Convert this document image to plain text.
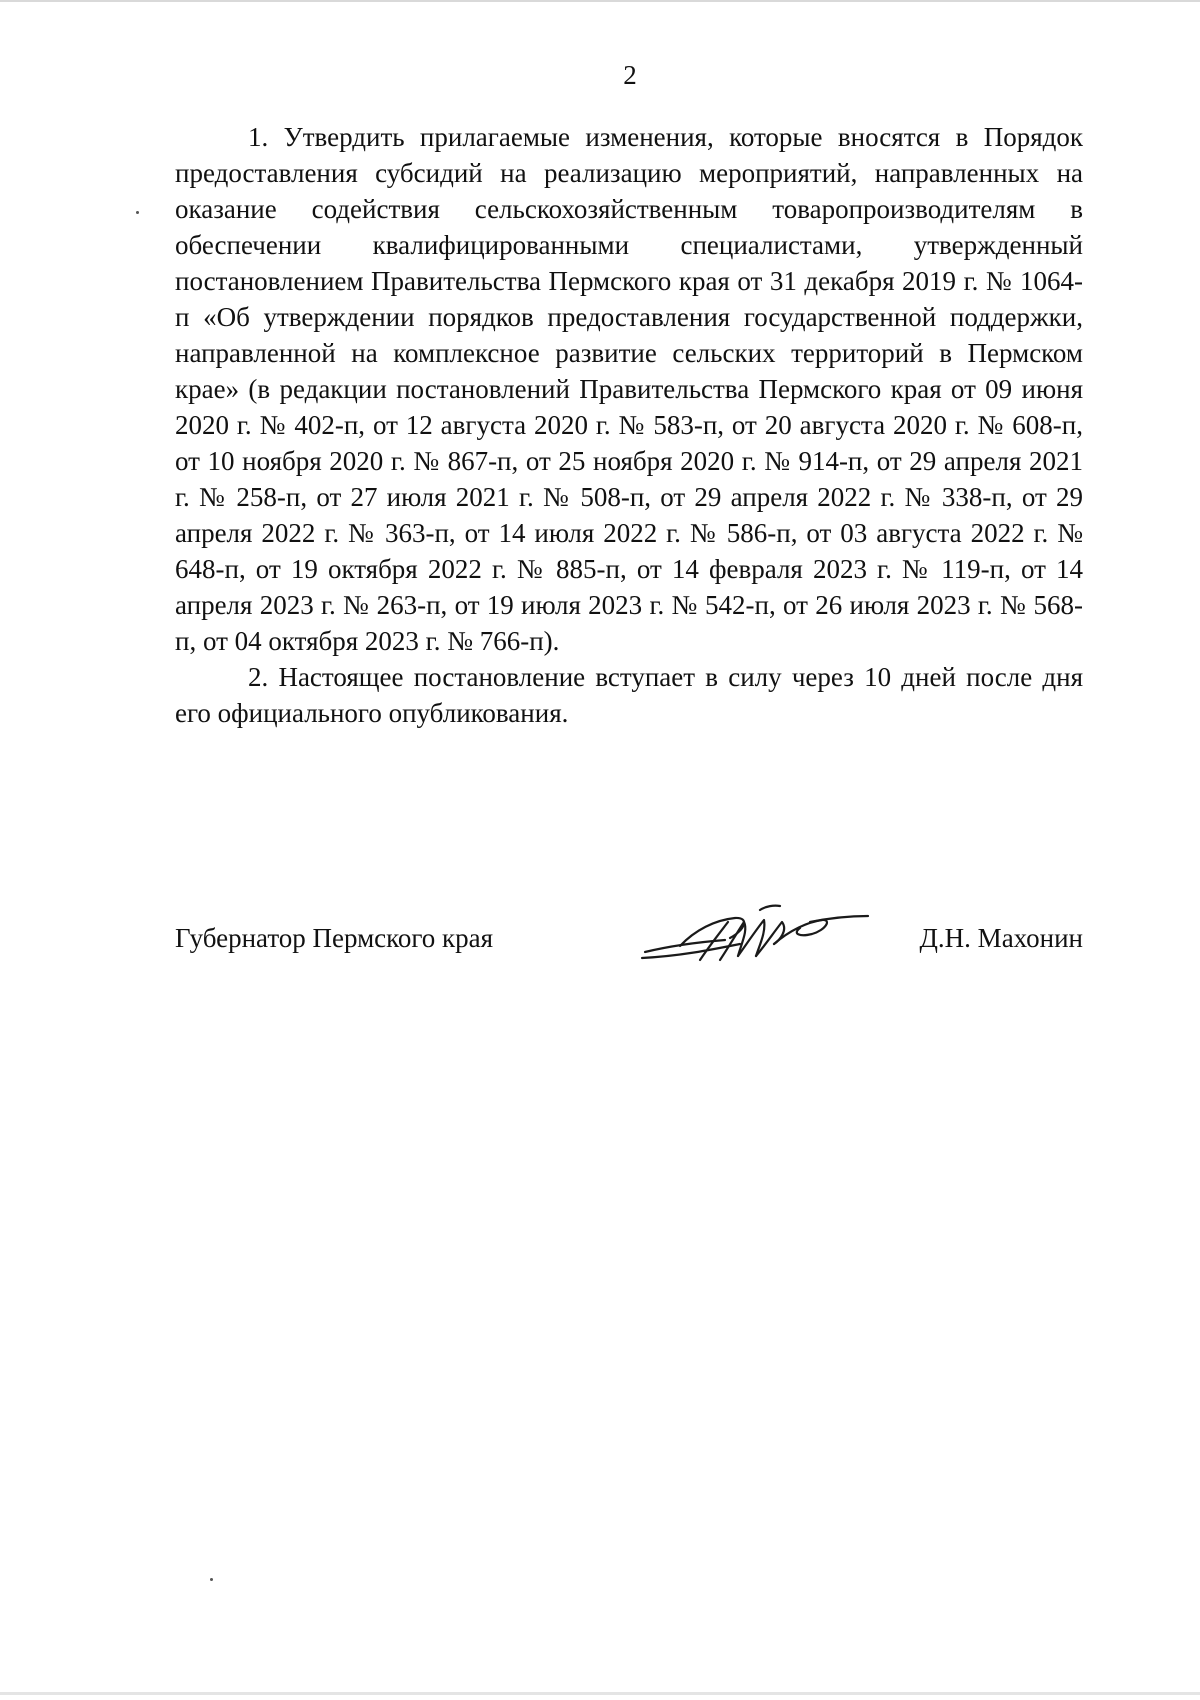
2

1. Утвердить прилагаемые изменения, которые вносятся в Порядок предоставления субсидий на реализацию мероприятий, направленных на оказание содействия сельскохозяйственным товаропроизводителям в обеспечении квалифицированными специалистами, утвержденный постановлением Правительства Пермского края от 31 декабря 2019 г. № 1064-п «Об утверждении порядков предоставления государственной поддержки, направленной на комплексное развитие сельских территорий в Пермском крае» (в редакции постановлений Правительства Пермского края от 09 июня 2020 г. № 402-п, от 12 августа 2020 г. № 583-п, от 20 августа 2020 г. № 608-п, от 10 ноября 2020 г. № 867-п, от 25 ноября 2020 г. № 914-п, от 29 апреля 2021 г. № 258-п, от 27 июля 2021 г. № 508-п, от 29 апреля 2022 г. № 338-п, от 29 апреля 2022 г. № 363-п, от 14 июля 2022 г. № 586-п, от 03 августа 2022 г. № 648-п, от 19 октября 2022 г. № 885-п, от 14 февраля 2023 г. № 119-п, от 14 апреля 2023 г. № 263-п, от 19 июля 2023 г. № 542-п, от 26 июля 2023 г. № 568-п, от 04 октября 2023 г. № 766-п).

2. Настоящее постановление вступает в силу через 10 дней после дня его официального опубликования.

Губернатор Пермского края	Д.Н. Махонин
